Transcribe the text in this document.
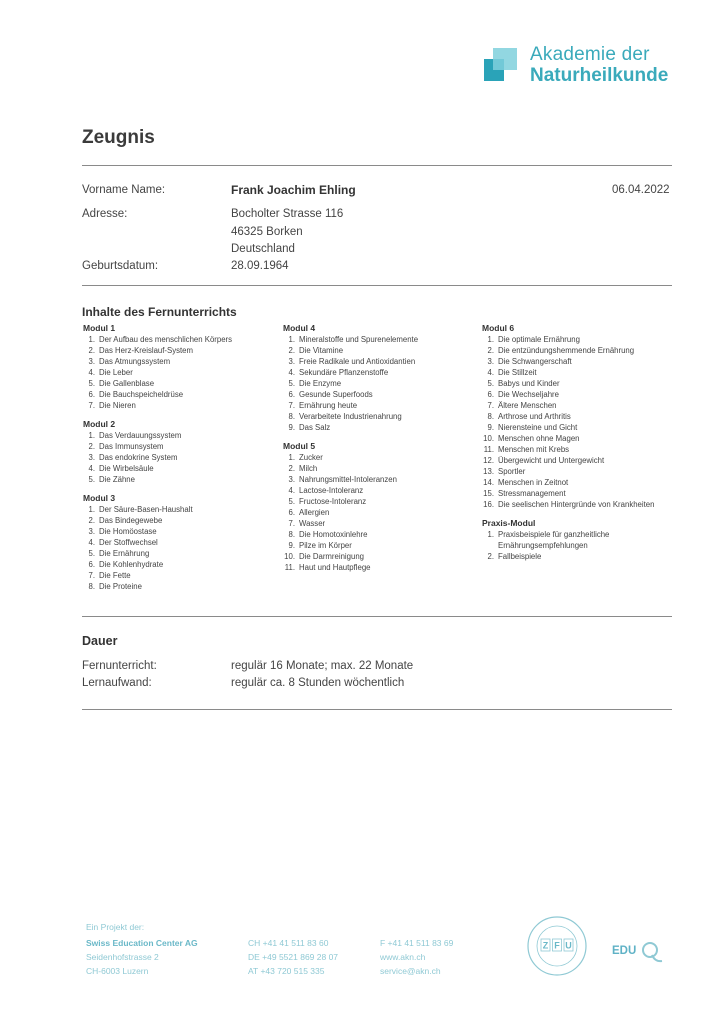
Akademie der
Naturheilkunde
Zeugnis
Vorname Name:	Frank Joachim Ehling	06.04.2022
Adresse:	Bocholter Strasse 116
46325 Borken
Deutschland
Geburtsdatum:	28.09.1964
Inhalte des Fernunterrichts
Modul 1
1. Der Aufbau des menschlichen Körpers
2. Das Herz-Kreislauf-System
3. Das Atmungssystem
4. Die Leber
5. Die Gallenblase
6. Die Bauchspeicheldrüse
7. Die Nieren
Modul 2
1. Das Verdauungssystem
2. Das Immunsystem
3. Das endokrine System
4. Die Wirbelsäule
5. Die Zähne
Modul 3
1. Der Säure-Basen-Haushalt
2. Das Bindegewebe
3. Die Homöostase
4. Der Stoffwechsel
5. Die Ernährung
6. Die Kohlenhydrate
7. Die Fette
8. Die Proteine
Modul 4
1. Mineralstoffe und Spurenelemente
2. Die Vitamine
3. Freie Radikale und Antioxidantien
4. Sekundäre Pflanzenstoffe
5. Die Enzyme
6. Gesunde Superfoods
7. Ernährung heute
8. Verarbeitete Industrienahrung
9. Das Salz
Modul 5
1. Zucker
2. Milch
3. Nahrungsmittel-Intoleranzen
4. Lactose-Intoleranz
5. Fructose-Intoleranz
6. Allergien
7. Wasser
8. Die Homotoxinlehre
9. Pilze im Körper
10. Die Darmreinigung
11. Haut und Hautpflege
Modul 6
1. Die optimale Ernährung
2. Die entzündungshemmende Ernährung
3. Die Schwangerschaft
4. Die Stillzeit
5. Babys und Kinder
6. Die Wechseljahre
7. Ältere Menschen
8. Arthrose und Arthritis
9. Nierensteine und Gicht
10. Menschen ohne Magen
11. Menschen mit Krebs
12. Übergewicht und Untergewicht
13. Sportler
14. Menschen in Zeitnot
15. Stressmanagement
16. Die seelischen Hintergründe von Krankheiten
Praxis-Modul
1. Praxisbeispiele für ganzheitliche Ernährungsempfehlungen
2. Fallbeispiele
Dauer
Fernunterricht:	regulär 16 Monate; max. 22 Monate
Lernaufwand:	regulär ca. 8 Stunden wöchentlich
Ein Projekt der:
Swiss Education Center AG
Seidenhofstrasse 2
CH-6003 Luzern
CH +41 41 511 83 60
DE +49 5521 869 28 07
AT +43 720 515 335
F +41 41 511 83 69
www.akn.ch
service@akn.ch
Z F U	EDU
